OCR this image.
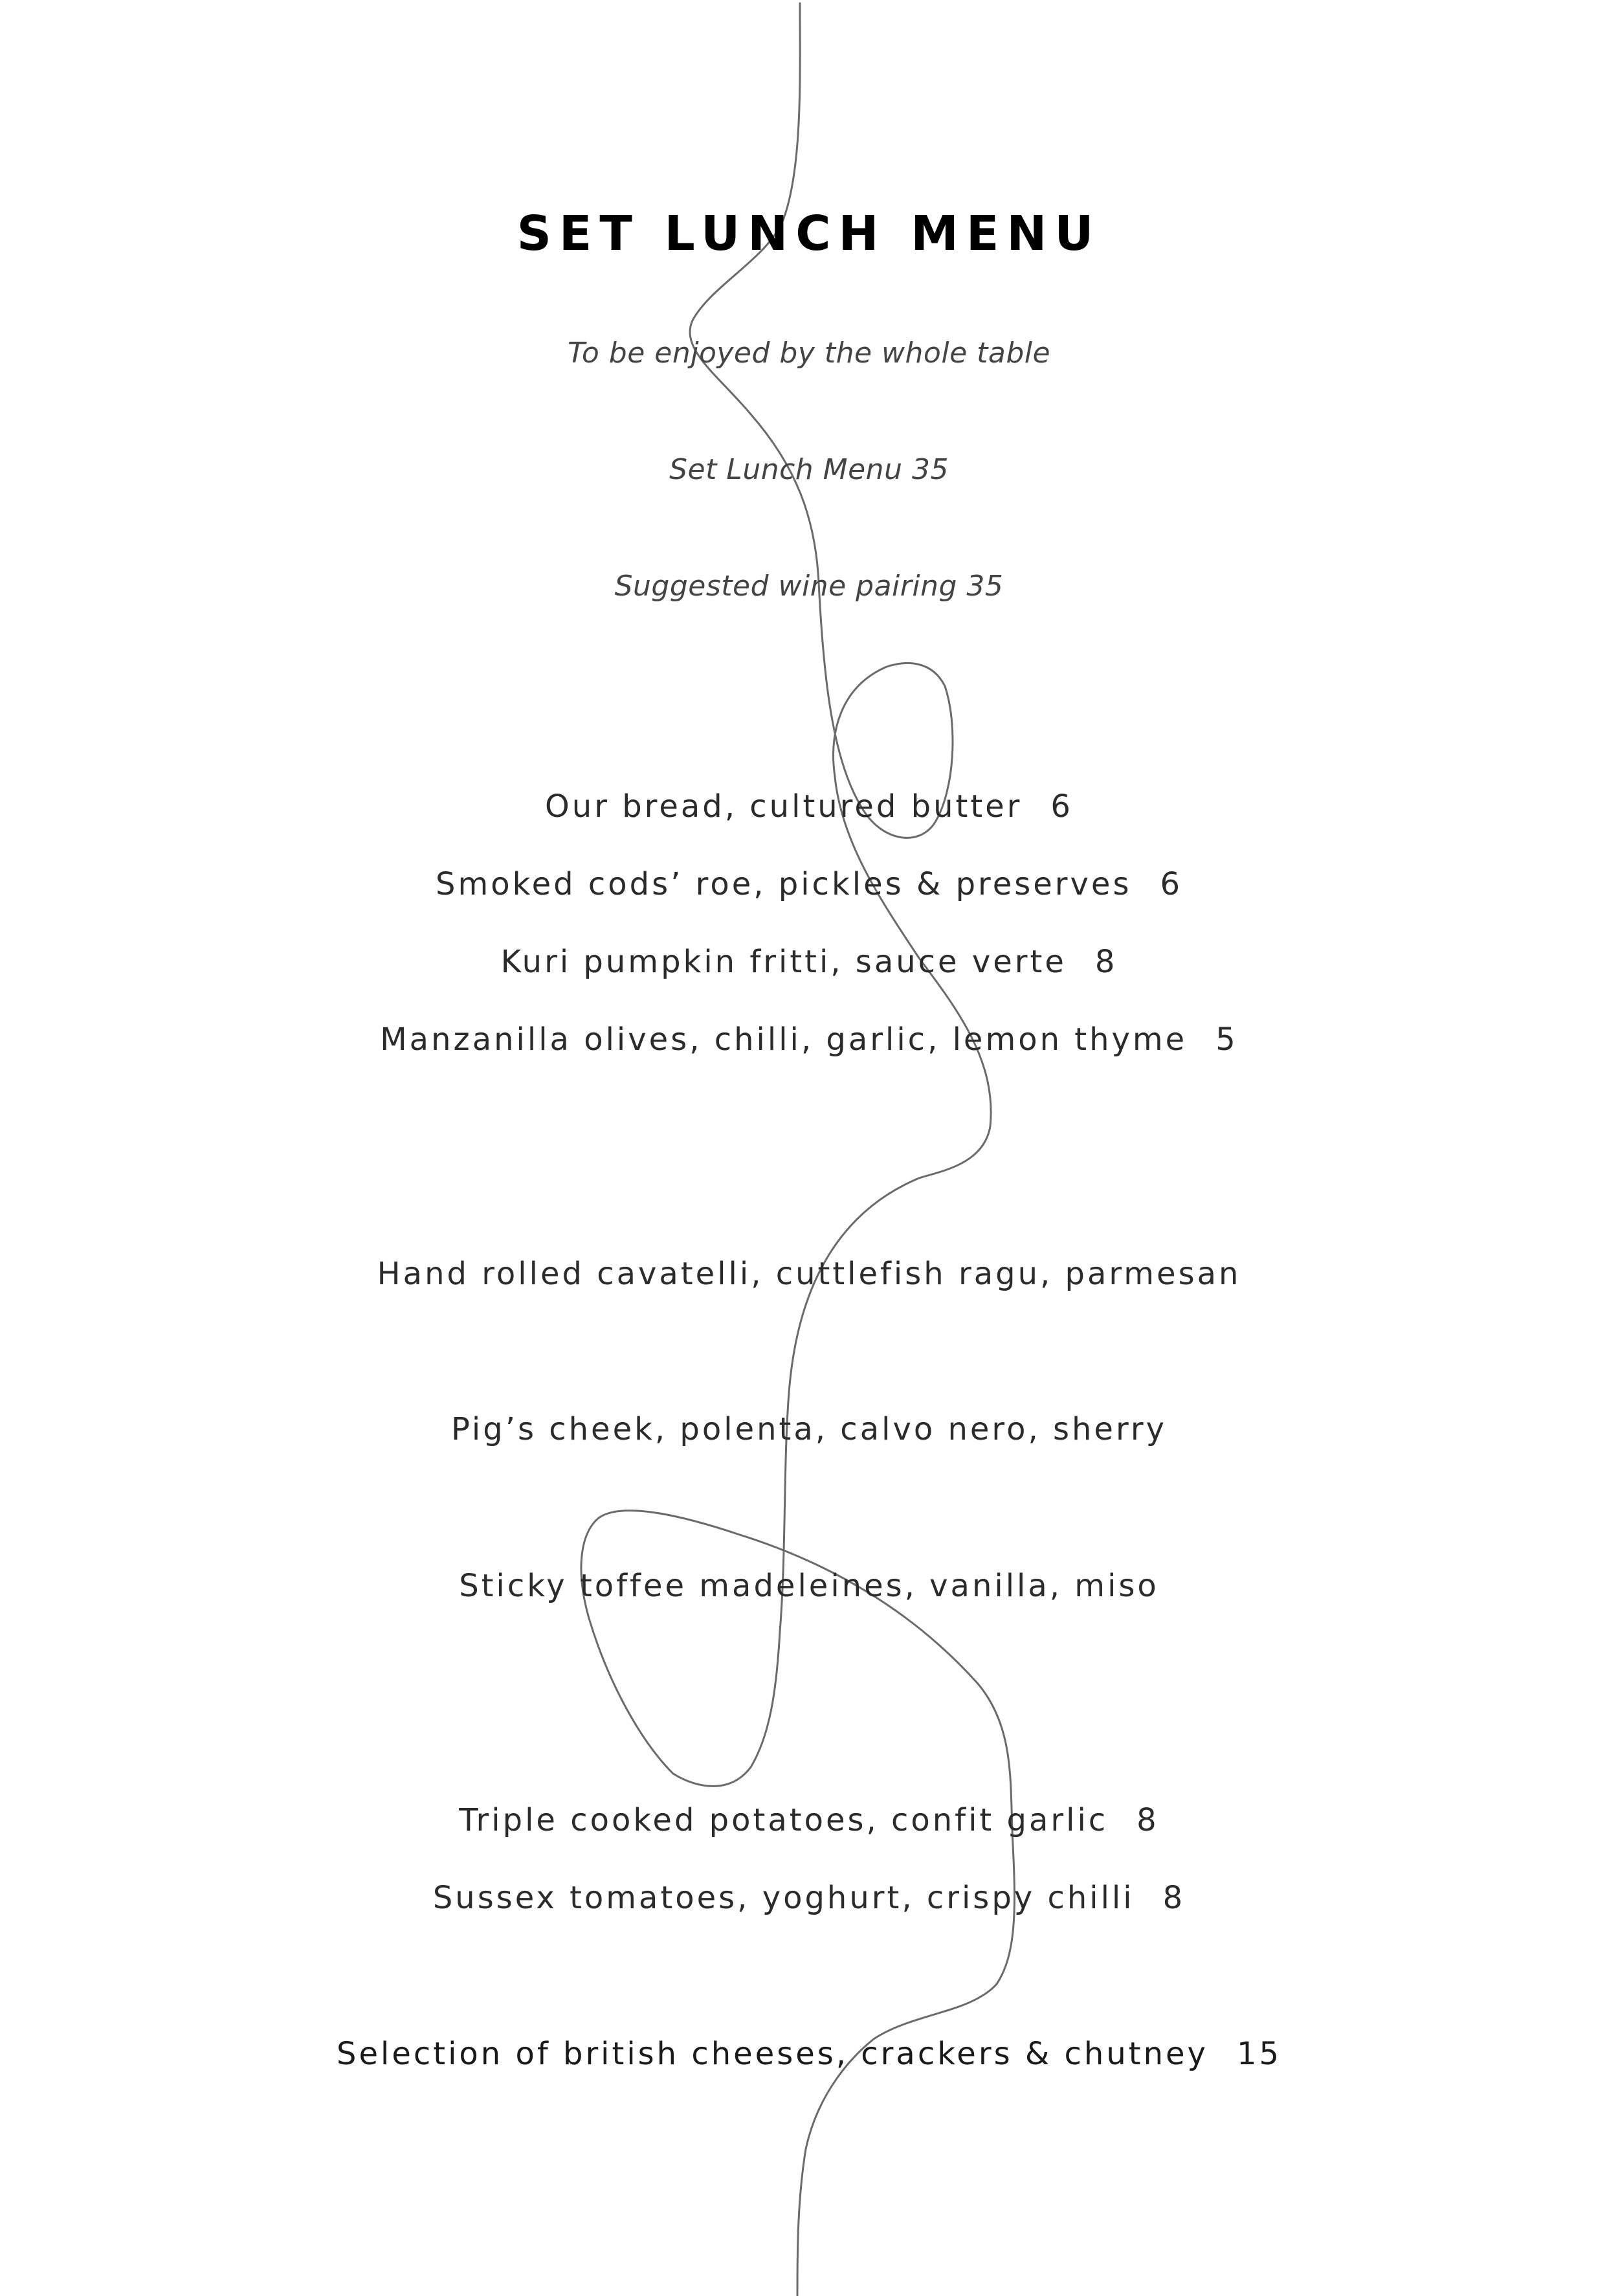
SET LUNCH MENU
To be enjoyed by the whole table
Set Lunch Menu 35
Suggested wine pairing 35
Our bread, cultured butter 6
Smoked cods’ roe, pickles & preserves 6
Kuri pumpkin fritti, sauce verte 8
Manzanilla olives, chilli, garlic, lemon thyme 5
Hand rolled cavatelli, cuttlefish ragu, parmesan
Pig’s cheek, polenta, calvo nero, sherry
Sticky toffee madeleines, vanilla, miso
Triple cooked potatoes, confit garlic 8
Sussex tomatoes, yoghurt, crispy chilli 8
Selection of british cheeses, crackers & chutney 15
